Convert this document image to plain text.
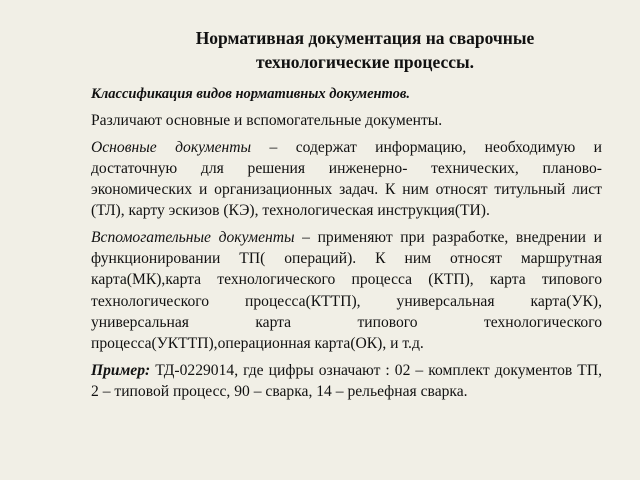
Нормативная документация на сварочные
технологические процессы.

Классификация видов нормативных документов.

Различают основные и вспомогательные документы.

Основные документы – содержат информацию, необходимую и достаточную для решения инженерно- технических, планово-экономических и организационных задач. К ним относят титульный лист (ТЛ), карту эскизов (КЭ), технологическая инструкция(ТИ).

Вспомогательные документы – применяют при разработке, внедрении и функционировании ТП( операций). К ним относят маршрутная карта(МК),карта технологического процесса (КТП), карта типового технологического процесса(КТТП), универсальная карта(УК), универсальная карта типового технологического процесса(УКТТП),операционная карта(ОК), и т.д.

Пример: ТД-0229014, где цифры означают : 02 – комплект документов ТП, 2 – типовой процесс, 90 – сварка, 14 – рельефная сварка.
